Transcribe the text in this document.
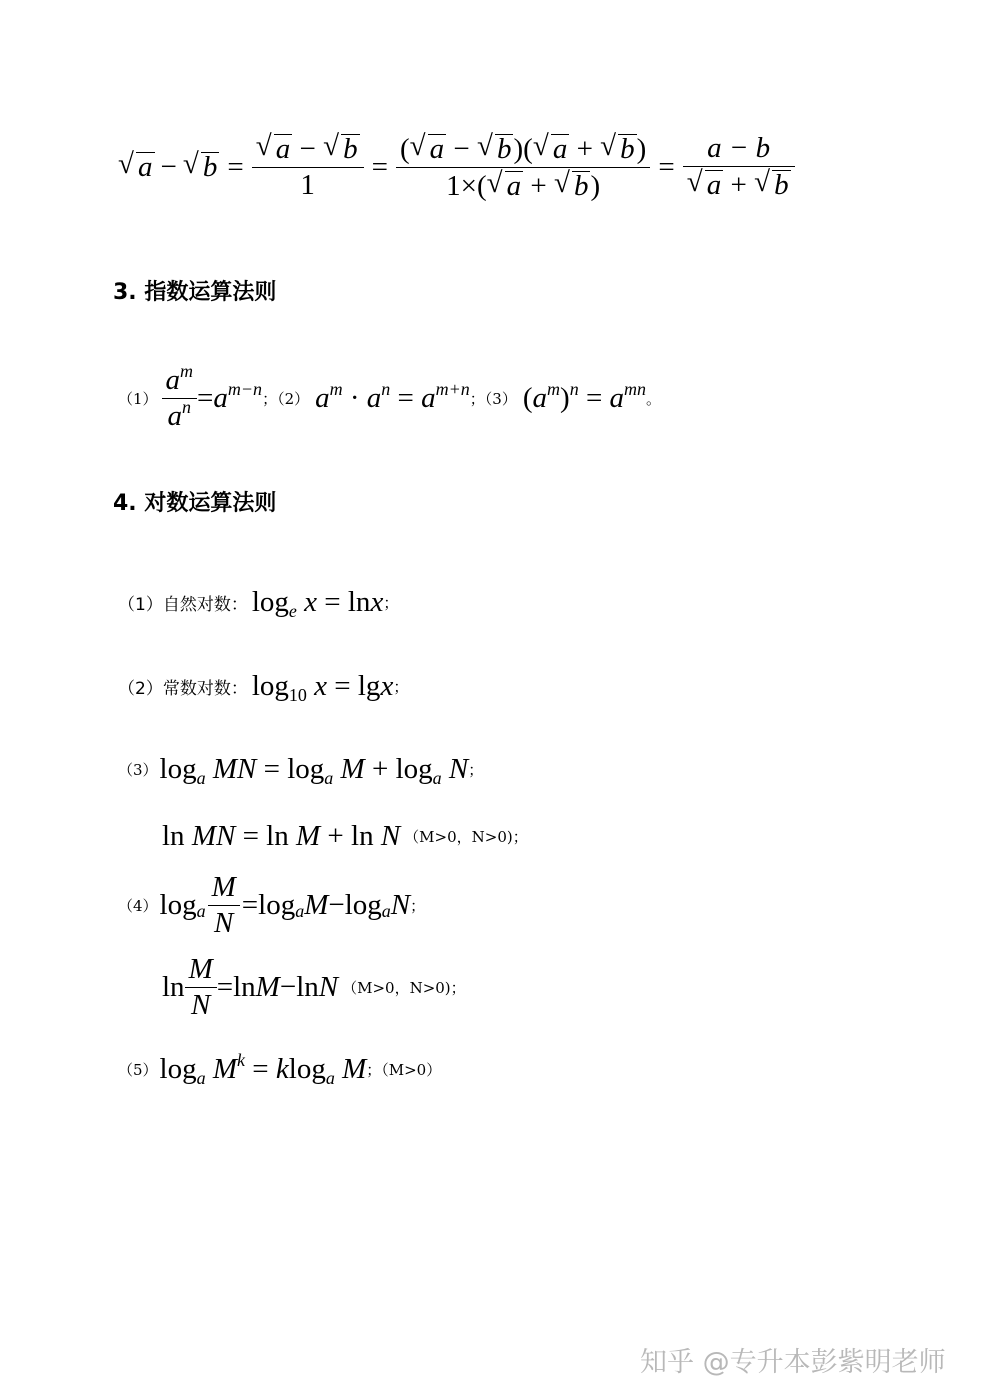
√ a − √ b = √ $\frac{a - √ b}{1} = \frac{( √ a - √ b)( √ a + √ b)}{1\times( √ a + √ b)} = a - b$
√ a + √ b
3. 指数运算法则
$(1) \frac{a^m}{a^n} =a^{m-n}$ ；（2） $a^m \cdot a^n = a^{m+n}$ ；（3） $(a^m)^n = a^{mn}$ 。
4. 对数运算法则
（1）自然对数： $\log_e x = \ln x$ ；
（2）常数对数： $\log_{10} x = \lg x$ ；
（3） $\log_a$ MN = $\log_a M + \log_a N$ ；
ln MN = ln M + ln N （M>0，N>0)；
（4） log a $\frac{M}{N} = \log a$ M − log a N ；
$\ln \frac{M}{N} = \ln M - \ln N$ （M>0，N>0)；
（5） $\log_a M^k = klog_a$ M ；（M>0）
知乎 @专升本彭紫明老师
